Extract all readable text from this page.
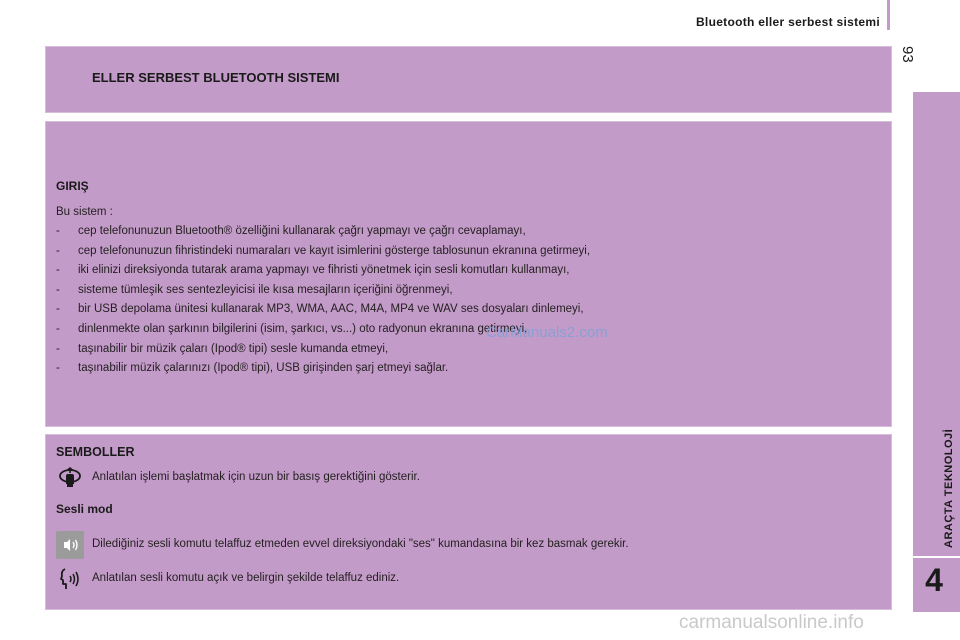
Bluetooth eller serbest sistemi
93
ARAÇTA TEKNOLOJİ
4
ELLER SERBEST BLUETOOTH SISTEMI
GIRIŞ
Bu sistem :
- cep telefonunuzun Bluetooth® özelliğini kullanarak çağrı yapmayı ve çağrı cevaplamayı,
- cep telefonunuzun fihristindeki numaraları ve kayıt isimlerini gösterge tablosunun ekranına getirmeyi,
- iki elinizi direksiyonda tutarak arama yapmayı ve fihristi yönetmek için sesli komutları kullanmayı,
- sisteme tümleşik ses sentezleyicisi ile kısa mesajların içeriğini öğrenmeyi,
- bir USB depolama ünitesi kullanarak MP3, WMA, AAC, M4A, MP4 ve WAV ses dosyaları dinlemeyi,
- dinlenmekte olan şarkının bilgilerini (isim, şarkıcı, vs...) oto radyonun ekranına getirmeyi,
- taşınabilir bir müzik çaları (Ipod® tipi) sesle kumanda etmeyi,
- taşınabilir müzik çalarınızı (Ipod® tipi), USB girişinden şarj etmeyi sağlar.
SEMBOLLER
Anlatılan işlemi başlatmak için uzun bir basış gerektiğini gösterir.
Sesli mod
Dilediğiniz sesli komutu telaffuz etmeden evvel direksiyondaki "ses" kumandasına bir kez basmak gerekir.
Anlatılan sesli komutu açık ve belirgin şekilde telaffuz ediniz.
CarManuals2.com
carmanualsonline.info
